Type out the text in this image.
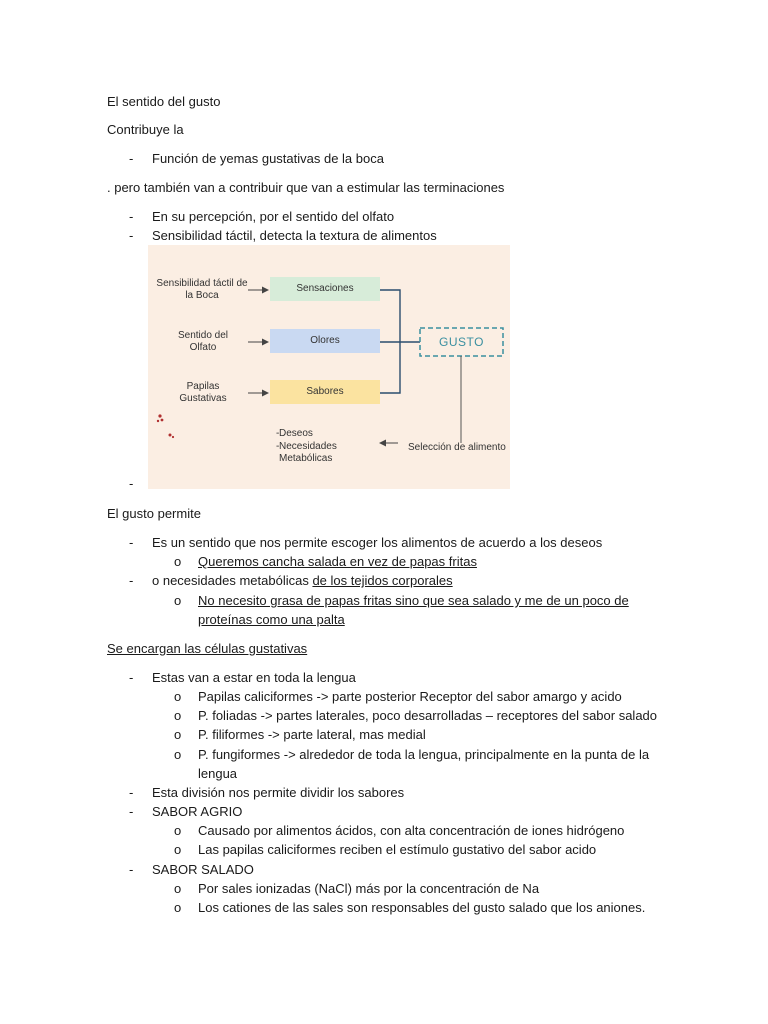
El sentido del gusto
Contribuye la
- Función de yemas gustativas de la boca
. pero también van a contribuir que van a estimular las terminaciones
- En su percepción, por el sentido del olfato
- Sensibilidad táctil, detecta la textura de alimentos
Sensibilidad táctil de la Boca
Sentido del Olfato
Papilas Gustativas
Sensaciones
Olores
Sabores
GUSTO
- Deseos
- Necesidades Metabólicas
Selección de alimento
-
El gusto permite
- Es un sentido que nos permite escoger los alimentos de acuerdo a los deseos
o Queremos cancha salada en vez de papas fritas
- o necesidades metabólicas de los tejidos corporales
o No necesito grasa de papas fritas sino que sea salado y me de un poco de
proteínas como una palta
Se encargan las células gustativas
- Estas van a estar en toda la lengua
o Papilas caliciformes -> parte posterior Receptor del sabor amargo y acido
o P. foliadas -> partes laterales, poco desarrolladas – receptores del sabor salado
o P. filiformes -> parte lateral, mas medial
o P. fungiformes -> alrededor de toda la lengua, principalmente en la punta de la
lengua
- Esta división nos permite dividir los sabores
- SABOR AGRIO
o Causado por alimentos ácidos, con alta concentración de iones hidrógeno
o Las papilas caliciformes reciben el estímulo gustativo del sabor acido
- SABOR SALADO
o Por sales ionizadas (NaCl) más por la concentración de Na
o Los cationes de las sales son responsables del gusto salado que los aniones.
